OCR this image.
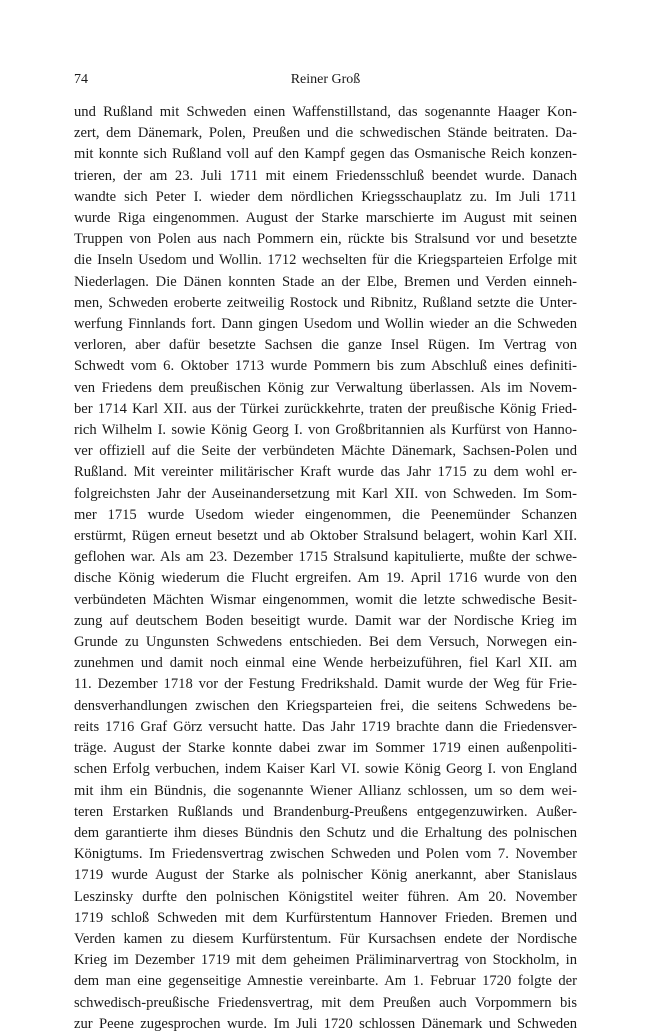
74	Reiner Groß
und Rußland mit Schweden einen Waffenstillstand, das sogenannte Haager Kon-
zert, dem Dänemark, Polen, Preußen und die schwedischen Stände beitraten. Da-
mit konnte sich Rußland voll auf den Kampf gegen das Osmanische Reich konzen-
trieren, der am 23. Juli 1711 mit einem Friedensschluß beendet wurde. Danach
wandte sich Peter I. wieder dem nördlichen Kriegsschauplatz zu. Im Juli 1711
wurde Riga eingenommen. August der Starke marschierte im August mit seinen
Truppen von Polen aus nach Pommern ein, rückte bis Stralsund vor und besetzte
die Inseln Usedom und Wollin. 1712 wechselten für die Kriegsparteien Erfolge mit
Niederlagen. Die Dänen konnten Stade an der Elbe, Bremen und Verden einneh-
men, Schweden eroberte zeitweilig Rostock und Ribnitz, Rußland setzte die Unter-
werfung Finnlands fort. Dann gingen Usedom und Wollin wieder an die Schweden
verloren, aber dafür besetzte Sachsen die ganze Insel Rügen. Im Vertrag von
Schwedt vom 6. Oktober 1713 wurde Pommern bis zum Abschluß eines definiti-
ven Friedens dem preußischen König zur Verwaltung überlassen. Als im Novem-
ber 1714 Karl XII. aus der Türkei zurückkehrte, traten der preußische König Fried-
rich Wilhelm I. sowie König Georg I. von Großbritannien als Kurfürst von Hanno-
ver offiziell auf die Seite der verbündeten Mächte Dänemark, Sachsen-Polen und
Rußland. Mit vereinter militärischer Kraft wurde das Jahr 1715 zu dem wohl er-
folgreichsten Jahr der Auseinandersetzung mit Karl XII. von Schweden. Im Som-
mer 1715 wurde Usedom wieder eingenommen, die Peenemünder Schanzen
erstürmt, Rügen erneut besetzt und ab Oktober Stralsund belagert, wohin Karl XII.
geflohen war. Als am 23. Dezember 1715 Stralsund kapitulierte, mußte der schwe-
dische König wiederum die Flucht ergreifen. Am 19. April 1716 wurde von den
verbündeten Mächten Wismar eingenommen, womit die letzte schwedische Besit-
zung auf deutschem Boden beseitigt wurde. Damit war der Nordische Krieg im
Grunde zu Ungunsten Schwedens entschieden. Bei dem Versuch, Norwegen ein-
zunehmen und damit noch einmal eine Wende herbeizuführen, fiel Karl XII. am
11. Dezember 1718 vor der Festung Fredrikshald. Damit wurde der Weg für Frie-
densverhandlungen zwischen den Kriegsparteien frei, die seitens Schwedens be-
reits 1716 Graf Görz versucht hatte. Das Jahr 1719 brachte dann die Friedensver-
träge. August der Starke konnte dabei zwar im Sommer 1719 einen außenpoliti-
schen Erfolg verbuchen, indem Kaiser Karl VI. sowie König Georg I. von England
mit ihm ein Bündnis, die sogenannte Wiener Allianz schlossen, um so dem wei-
teren Erstarken Rußlands und Brandenburg-Preußens entgegenzuwirken. Außer-
dem garantierte ihm dieses Bündnis den Schutz und die Erhaltung des polnischen
Königtums. Im Friedensvertrag zwischen Schweden und Polen vom 7. November
1719 wurde August der Starke als polnischer König anerkannt, aber Stanislaus
Leszinsky durfte den polnischen Königstitel weiter führen. Am 20. November
1719 schloß Schweden mit dem Kurfürstentum Hannover Frieden. Bremen und
Verden kamen zu diesem Kurfürstentum. Für Kursachsen endete der Nordische
Krieg im Dezember 1719 mit dem geheimen Präliminarvertrag von Stockholm, in
dem man eine gegenseitige Amnestie vereinbarte. Am 1. Februar 1720 folgte der
schwedisch-preußische Friedensvertrag, mit dem Preußen auch Vorpommern bis
zur Peene zugesprochen wurde. Im Juli 1720 schlossen Dänemark und Schweden
